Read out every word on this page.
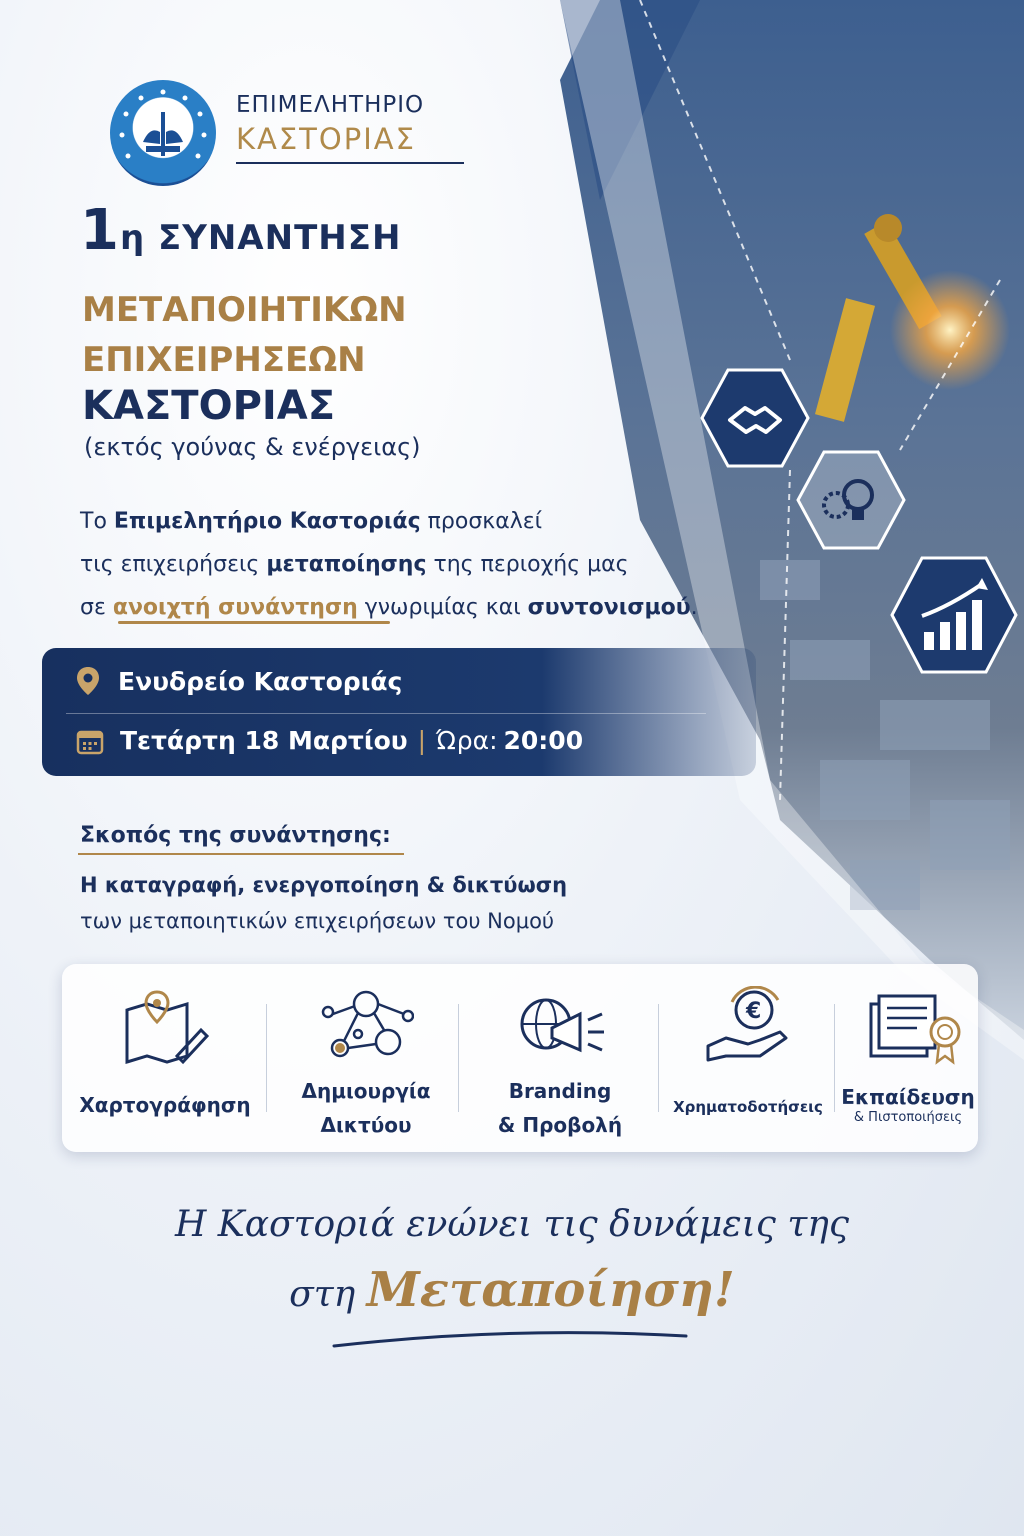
ΕΠΙΜΕΛΗΤΗΡΙΟ
ΚΑΣΤΟΡΙΑΣ
1η ΣΥΝΑΝΤΗΣΗ
ΜΕΤΑΠΟΙΗΤΙΚΩΝ
ΕΠΙΧΕΙΡΗΣΕΩΝ
ΚΑΣΤΟΡΙΑΣ
(εκτός γούνας & ενέργειας)
Το Επιμελητήριο Καστοριάς προσκαλεί
τις επιχειρήσεις μεταποίησης της περιοχής μας
σε ανοιχτή συνάντηση γνωριμίας και συντονισμού.
Ενυδρείο Καστοριάς
Τετάρτη 18 Μαρτίου | Ώρα: 20:00
Σκοπός της συνάντησης:
Η καταγραφή, ενεργοποίηση & δικτύωση
των μεταποιητικών επιχειρήσεων του Νομού
Χαρτογράφηση
Δημιουργία
Δικτύου
Branding
& Προβολή
€
Χρηματοδοτήσεις Εκπαίδευση
& Πιστοποιήσεις
Η Καστοριά ενώνει τις δυνάμεις της
στη Μεταποίηση!
